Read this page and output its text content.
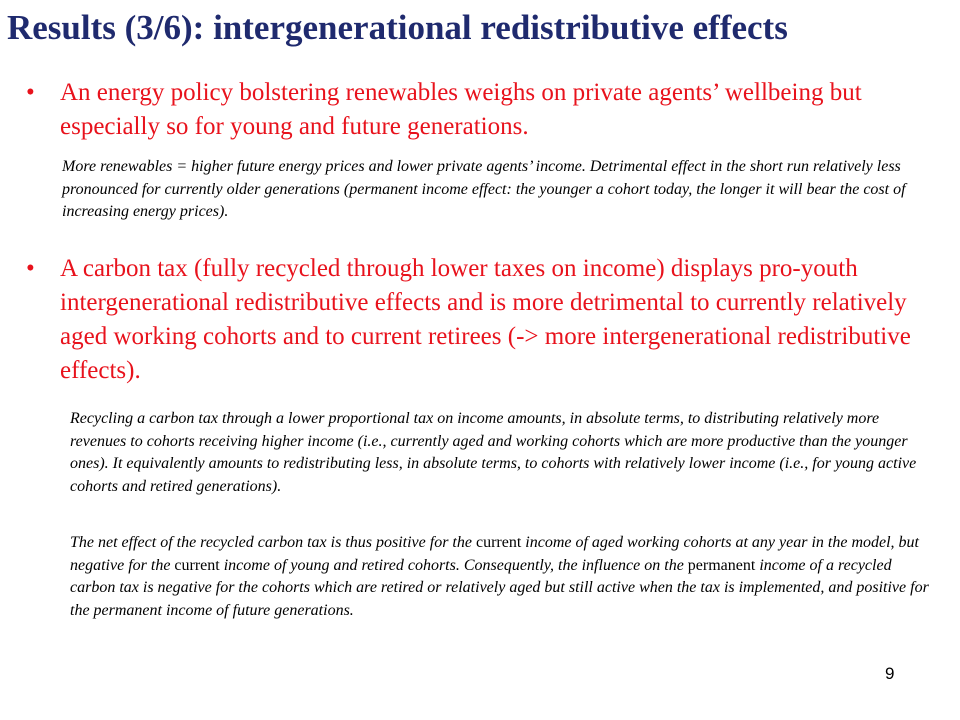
Results (3/6): intergenerational redistributive effects
• An energy policy bolstering renewables weighs on private agents’ wellbeing but especially so for young and future generations.
More renewables = higher future energy prices and lower private agents’ income. Detrimental effect in the short run relatively less pronounced for currently older generations (permanent income effect: the younger a cohort today, the longer it will bear the cost of increasing energy prices).
• A carbon tax (fully recycled through lower taxes on income) displays pro-youth intergenerational redistributive effects and is more detrimental to currently relatively aged working cohorts and to current retirees (-> more intergenerational redistributive effects).
Recycling a carbon tax through a lower proportional tax on income amounts, in absolute terms, to distributing relatively more revenues to cohorts receiving higher income (i.e., currently aged and working cohorts which are more productive than the younger ones). It equivalently amounts to redistributing less, in absolute terms, to cohorts with relatively lower income (i.e., for young active cohorts and retired generations).
The net effect of the recycled carbon tax is thus positive for the current income of aged working cohorts at any year in the model, but negative for the current income of young and retired cohorts. Consequently, the influence on the permanent income of a recycled carbon tax is negative for the cohorts which are retired or relatively aged but still active when the tax is implemented, and positive for the permanent income of future generations.
9
